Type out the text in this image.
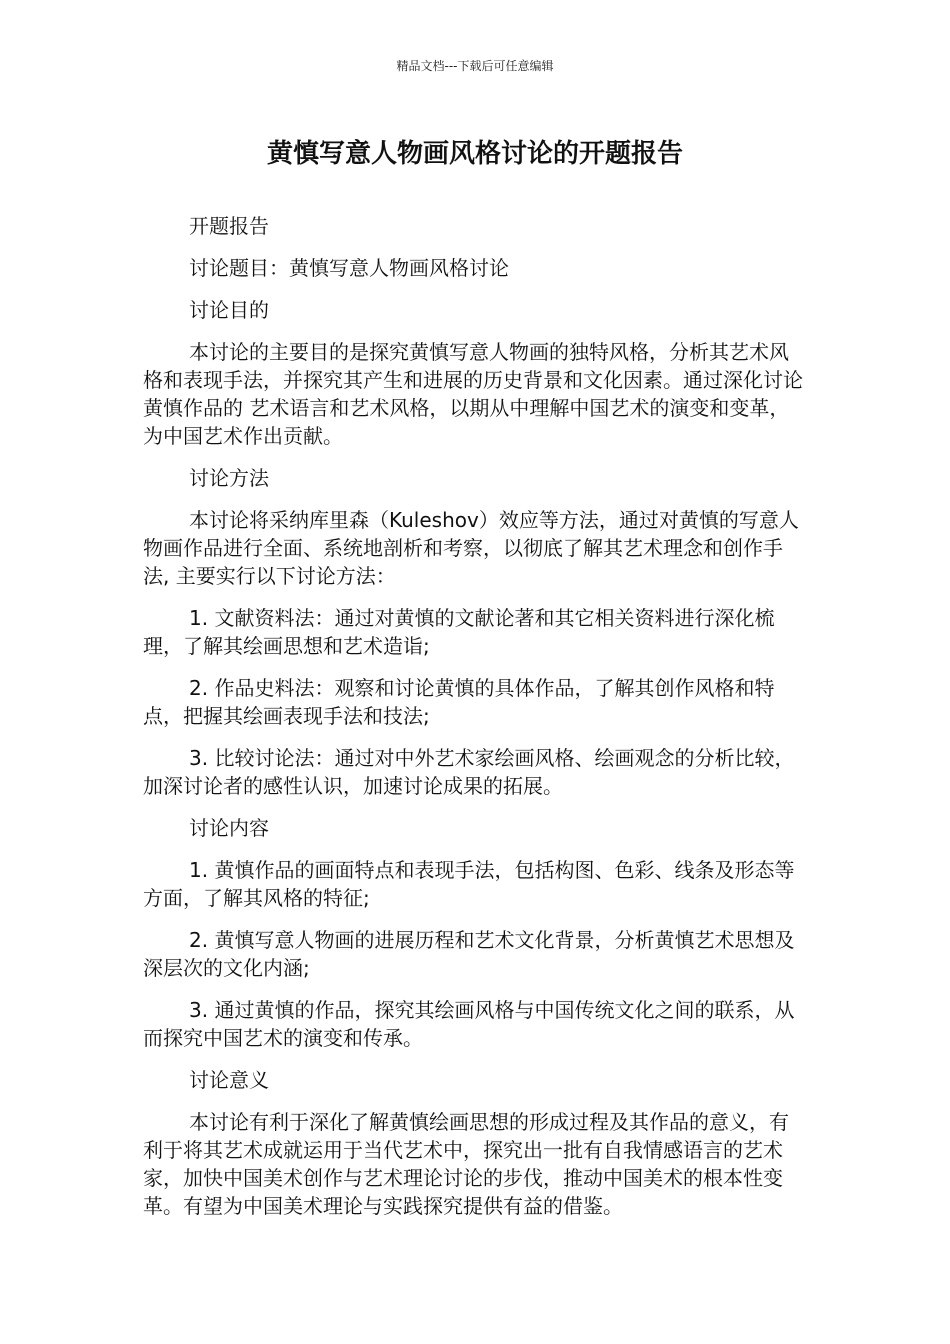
精品文档---下载后可任意编辑
黄慎写意人物画风格讨论的开题报告

开题报告

讨论题目：黄慎写意人物画风格讨论

讨论目的

本讨论的主要目的是探究黄慎写意人物画的独特风格，分析其艺术风格和表现手法，并探究其产生和进展的历史背景和文化因素。通过深化讨论黄慎作品的 艺术语言和艺术风格，以期从中理解中国艺术的演变和变革，为中国艺术作出贡献。

讨论方法

本讨论将采纳库里森（Kuleshov）效应等方法，通过对黄慎的写意人物画作品进行全面、系统地剖析和考察，以彻底了解其艺术理念和创作手法, 主要实行以下讨论方法：

1. 文献资料法：通过对黄慎的文献论著和其它相关资料进行深化梳理，了解其绘画思想和艺术造诣;

2. 作品史料法：观察和讨论黄慎的具体作品，了解其创作风格和特点，把握其绘画表现手法和技法;

3. 比较讨论法：通过对中外艺术家绘画风格、绘画观念的分析比较，加深讨论者的感性认识，加速讨论成果的拓展。

讨论内容

1. 黄慎作品的画面特点和表现手法，包括构图、色彩、线条及形态等方面，了解其风格的特征;

2. 黄慎写意人物画的进展历程和艺术文化背景，分析黄慎艺术思想及深层次的文化内涵;

3. 通过黄慎的作品，探究其绘画风格与中国传统文化之间的联系，从而探究中国艺术的演变和传承。

讨论意义

本讨论有利于深化了解黄慎绘画思想的形成过程及其作品的意义，有利于将其艺术成就运用于当代艺术中，探究出一批有自我情感语言的艺术家，加快中国美术创作与艺术理论讨论的步伐，推动中国美术的根本性变革。有望为中国美术理论与实践探究提供有益的借鉴。
